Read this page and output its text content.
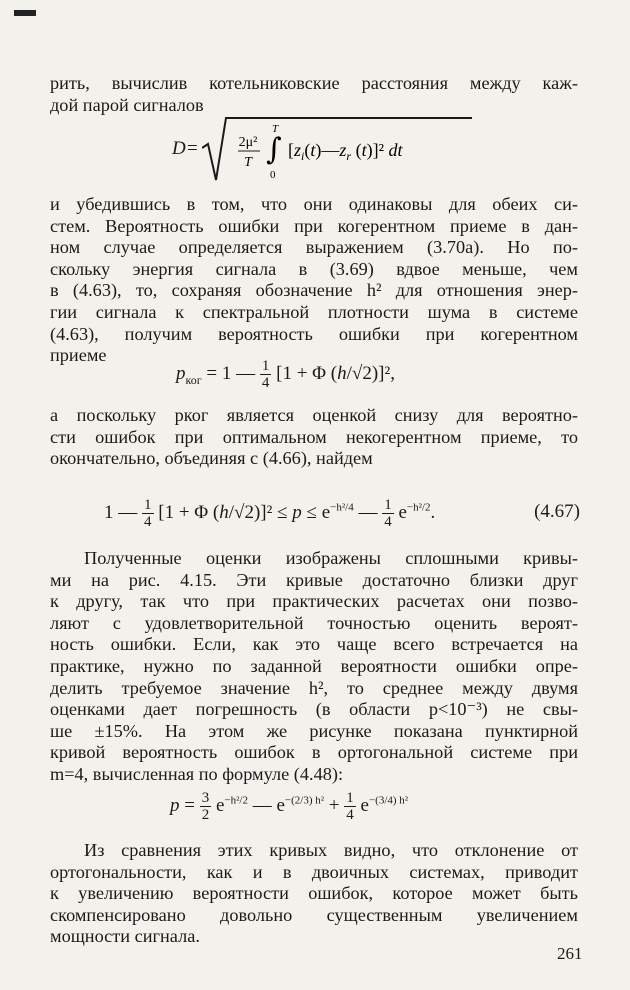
рить, вычислив котельниковские расстояния между каж-
дой парой сигналов

D=	2μ²
T ∫
T
0
[$z_i(t)—z_r$ (t)]² dt

и убедившись в том, что они одинаковы для обеих си-
стем. Вероятность ошибки при когерентном приеме в дан-
ном случае определяется выражением (3.70а). Но по-
скольку энергия сигнала в (3.69) вдвое меньше, чем
в (4.63), то, сохраняя обозначение h² для отношения энер-
гии сигнала к спектральной плотности шума в системе
(4.63), получим вероятность ошибки при когерентном
приеме

$p_{ког} = 1$ — $\frac{1}{4} [1 + \Phi$ (h/√2)]²,

а поскольку pког является оценкой снизу для вероятно-
сти ошибок при оптимальном некогерентном приеме, то
окончательно, объединяя с (4.66), найдем

1 — $\frac{1}{4} [1 + \Phi$ $(h/√2)]^2 \le p \le e^{-h^2/4}$ — $\frac{1}{4} e^{-h^2/2}$.	(4.67)

Полученные оценки изображены сплошными кривы-
ми на рис. 4.15. Эти кривые достаточно близки друг
к другу, так что при практических расчетах они позво-
ляют с удовлетворительной точностью оценить вероят-
ность ошибки. Если, как это чаще всего встречается на
практике, нужно по заданной вероятности ошибки опре-
делить требуемое значение h², то среднее между двумя
оценками дает погрешность (в области p<10⁻³) не свы-
ше ±15%. На этом же рисунке показана пунктирной
кривой вероятность ошибок в ортогональной системе при
m=4, вычисленная по формуле (4.48):

$p = \frac{3}{2} e^{-h^2/2}$ — $e^{-(2/3) h^2} + \frac{1}{4} e^{-(3/4) h^2}$

Из сравнения этих кривых видно, что отклонение от
ортогональности, как и в двоичных системах, приводит
к увеличению вероятности ошибок, которое может быть
скомпенсировано довольно существенным увеличением
мощности сигнала.

261
